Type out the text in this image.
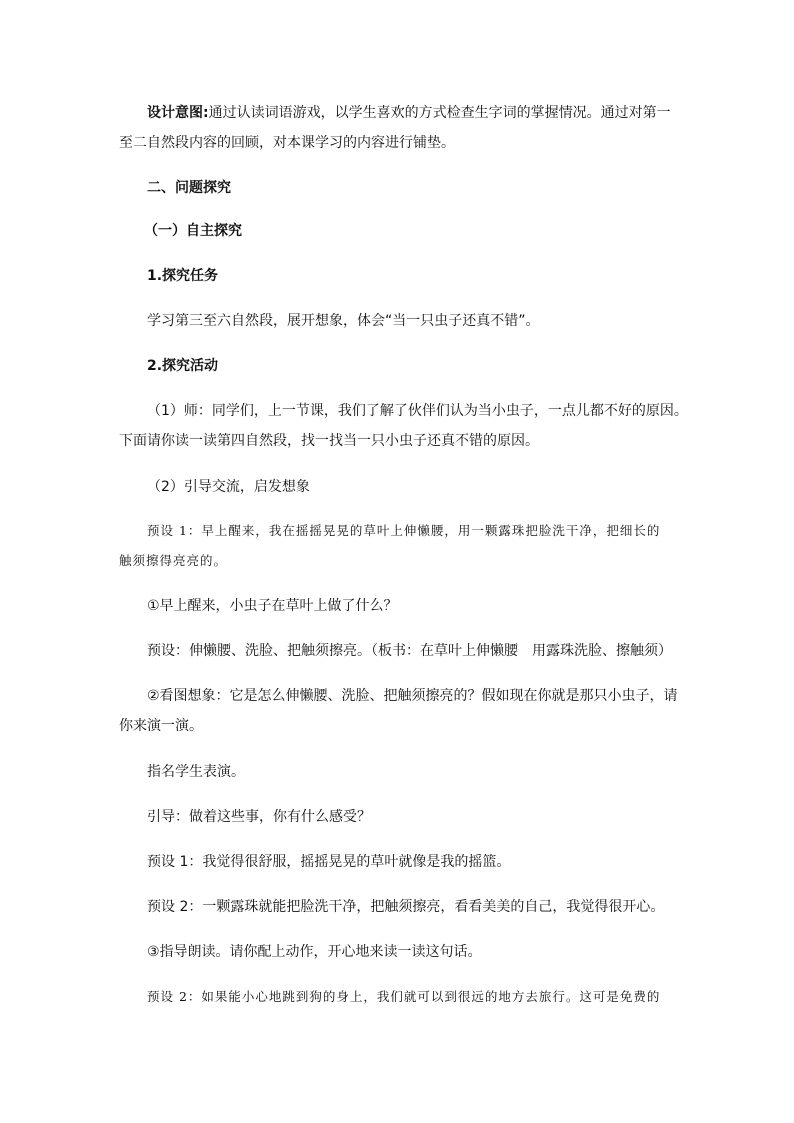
设计意图:通过认读词语游戏，以学生喜欢的方式检查生字词的掌握情况。通过对第一
至二自然段内容的回顾，对本课学习的内容进行铺垫。
二、问题探究
（一）自主探究
1.探究任务
学习第三至六自然段，展开想象，体会“当一只虫子还真不错”。
2.探究活动
（1）师：同学们，上一节课，我们了解了伙伴们认为当小虫子，一点儿都不好的原因。
下面请你读一读第四自然段，找一找当一只小虫子还真不错的原因。
（2）引导交流，启发想象
预设 1：早上醒来，我在摇摇晃晃的草叶上伸懒腰，用一颗露珠把脸洗干净，把细长的
触须擦得亮亮的。
①早上醒来，小虫子在草叶上做了什么？
预设：伸懒腰、洗脸、把触须擦亮。（板书：在草叶上伸懒腰　用露珠洗脸、擦触须）
②看图想象：它是怎么伸懒腰、洗脸、把触须擦亮的？假如现在你就是那只小虫子，请
你来演一演。
指名学生表演。
引导：做着这些事，你有什么感受？
预设 1：我觉得很舒服，摇摇晃晃的草叶就像是我的摇篮。
预设 2：一颗露珠就能把脸洗干净，把触须擦亮，看看美美的自己，我觉得很开心。
③指导朗读。请你配上动作，开心地来读一读这句话。
预设 2：如果能小心地跳到狗的身上，我们就可以到很远的地方去旅行。这可是免费的
